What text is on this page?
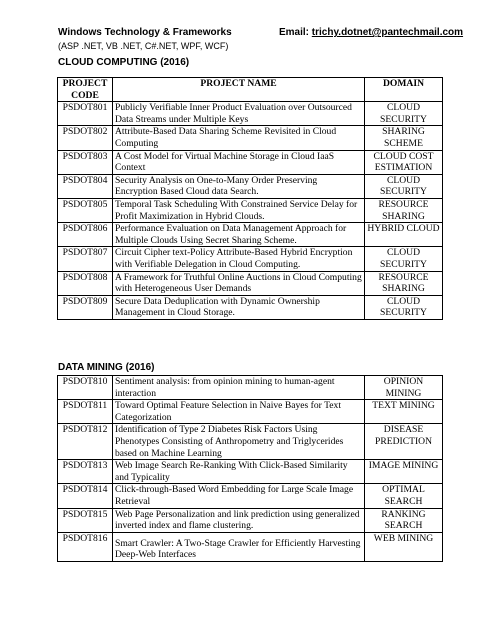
Windows Technology & Frameworks
(ASP .NET, VB .NET, C#.NET, WPF, WCF)
Email: trichy.dotnet@pantechmail.com
CLOUD COMPUTING (2016)
PROJECT CODE	PROJECT NAME	DOMAIN
PSDOT801	Publicly Verifiable Inner Product Evaluation over Outsourced Data Streams under Multiple Keys	CLOUD SECURITY
PSDOT802	Attribute-Based Data Sharing Scheme Revisited in Cloud Computing	SHARING SCHEME
PSDOT803	A Cost Model for Virtual Machine Storage in Cloud IaaS Context	CLOUD COST ESTIMATION
PSDOT804	Security Analysis on One-to-Many Order Preserving Encryption Based Cloud data Search.	CLOUD SECURITY
PSDOT805	Temporal Task Scheduling With Constrained Service Delay for Profit Maximization in Hybrid Clouds.	RESOURCE SHARING
PSDOT806	Performance Evaluation on Data Management Approach for Multiple Clouds Using Secret Sharing Scheme.	HYBRID CLOUD
PSDOT807	Circuit Cipher text-Policy Attribute-Based Hybrid Encryption with Verifiable Delegation in Cloud Computing.	CLOUD SECURITY
PSDOT808	A Framework for Truthful Online Auctions in Cloud Computing with Heterogeneous User Demands	RESOURCE SHARING
PSDOT809	Secure Data Deduplication with Dynamic Ownership Management in Cloud Storage.	CLOUD SECURITY
DATA MINING (2016)
PSDOT810	Sentiment analysis: from opinion mining to human-agent interaction	OPINION MINING
PSDOT811	Toward Optimal Feature Selection in Naive Bayes for Text Categorization	TEXT MINING
PSDOT812	Identification of Type 2 Diabetes Risk Factors Using Phenotypes Consisting of Anthropometry and Triglycerides based on Machine Learning	DISEASE PREDICTION
PSDOT813	Web Image Search Re-Ranking With Click-Based Similarity and Typicality	IMAGE MINING
PSDOT814	Click-through-Based Word Embedding for Large Scale Image Retrieval	OPTIMAL SEARCH
PSDOT815	Web Page Personalization and link prediction using generalized inverted index and flame clustering.	RANKING SEARCH
PSDOT816	Smart Crawler: A Two-Stage Crawler for Efficiently Harvesting Deep-Web Interfaces	WEB MINING
